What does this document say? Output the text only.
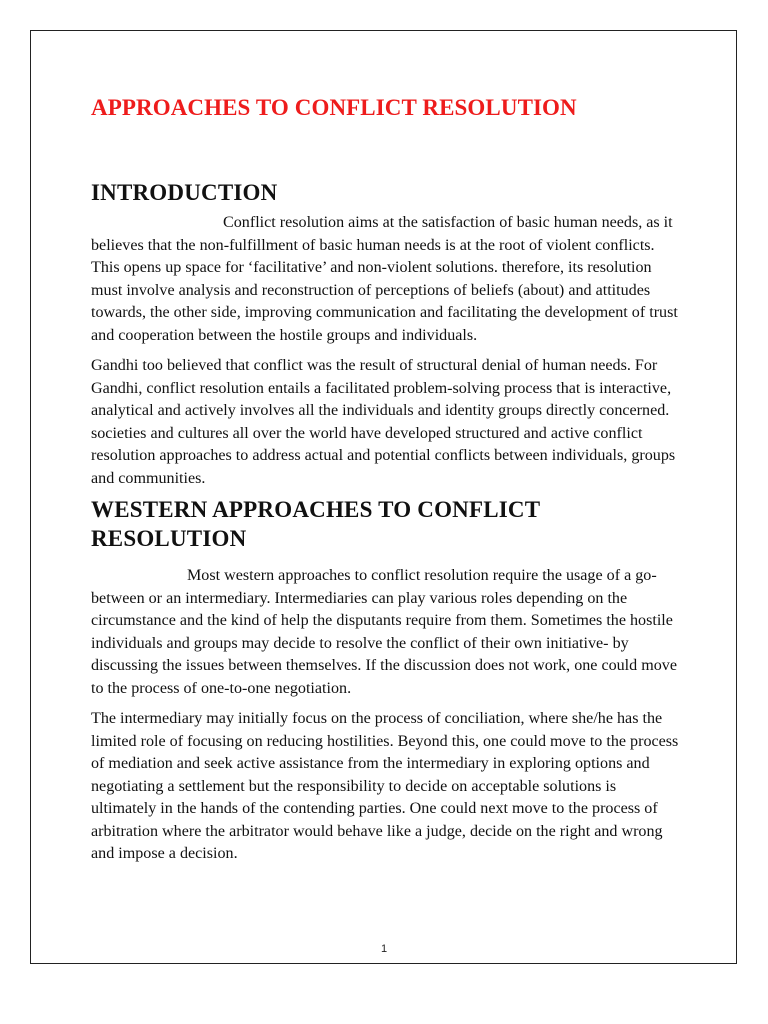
APPROACHES TO CONFLICT RESOLUTION
INTRODUCTION

Conflict resolution aims at the satisfaction of basic human needs, as it believes that the non-fulfillment of basic human needs is at the root of violent conflicts. This opens up space for ‘facilitative’ and non-violent solutions. therefore, its resolution must involve analysis and reconstruction of perceptions of beliefs (about) and attitudes towards, the other side, improving communication and facilitating the development of trust and cooperation between the hostile groups and individuals.

Gandhi too believed that conflict was the result of structural denial of human needs. For Gandhi, conflict resolution entails a facilitated problem-solving process that is interactive, analytical and actively involves all the individuals and identity groups directly concerned. societies and cultures all over the world have developed structured and active conflict resolution approaches to address actual and potential conflicts between individuals, groups and communities.

WESTERN APPROACHES TO CONFLICT RESOLUTION

Most western approaches to conflict resolution require the usage of a go-between or an intermediary. Intermediaries can play various roles depending on the circumstance and the kind of help the disputants require from them. Sometimes the hostile individuals and groups may decide to resolve the conflict of their own initiative- by discussing the issues between themselves. If the discussion does not work, one could move to the process of one-to-one negotiation.

The intermediary may initially focus on the process of conciliation, where she/he has the limited role of focusing on reducing hostilities. Beyond this, one could move to the process of mediation and seek active assistance from the intermediary in exploring options and negotiating a settlement but the responsibility to decide on acceptable solutions is ultimately in the hands of the contending parties. One could next move to the process of arbitration where the arbitrator would behave like a judge, decide on the right and wrong and impose a decision.

1
